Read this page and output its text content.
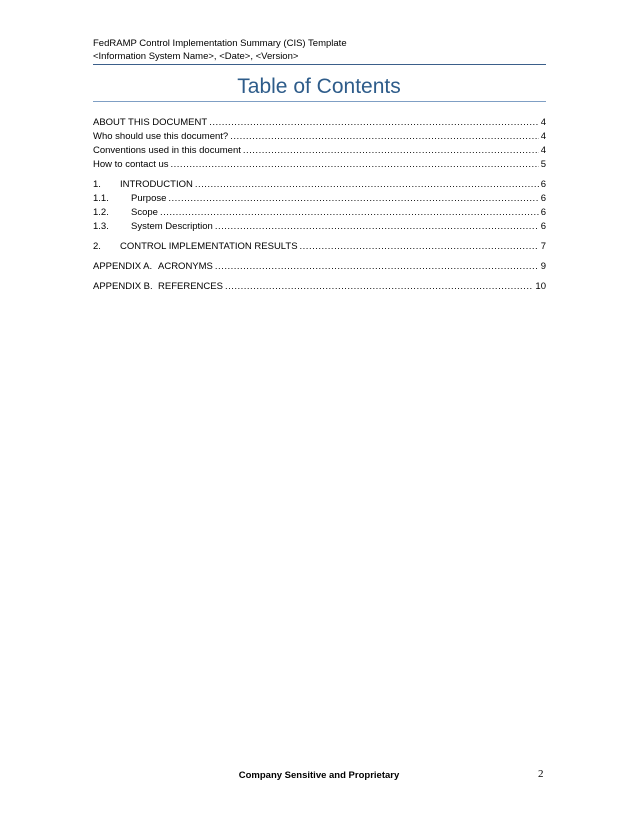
FedRAMP Control Implementation Summary (CIS) Template
<Information System Name>, <Date>, <Version>
Table of Contents
ABOUT THIS DOCUMENT .....	4
Who should use this document? .....	4
Conventions used in this document .....	4
How to contact us .....	5
1.	INTRODUCTION .....	6
1.1.	Purpose .....	6
1.2.	Scope .....	6
1.3.	System Description .....	6
2.	CONTROL IMPLEMENTATION RESULTS .....	7
APPENDIX A. ACRONYMS .....	9
APPENDIX B. REFERENCES .....	10
Company Sensitive and Proprietary	2
